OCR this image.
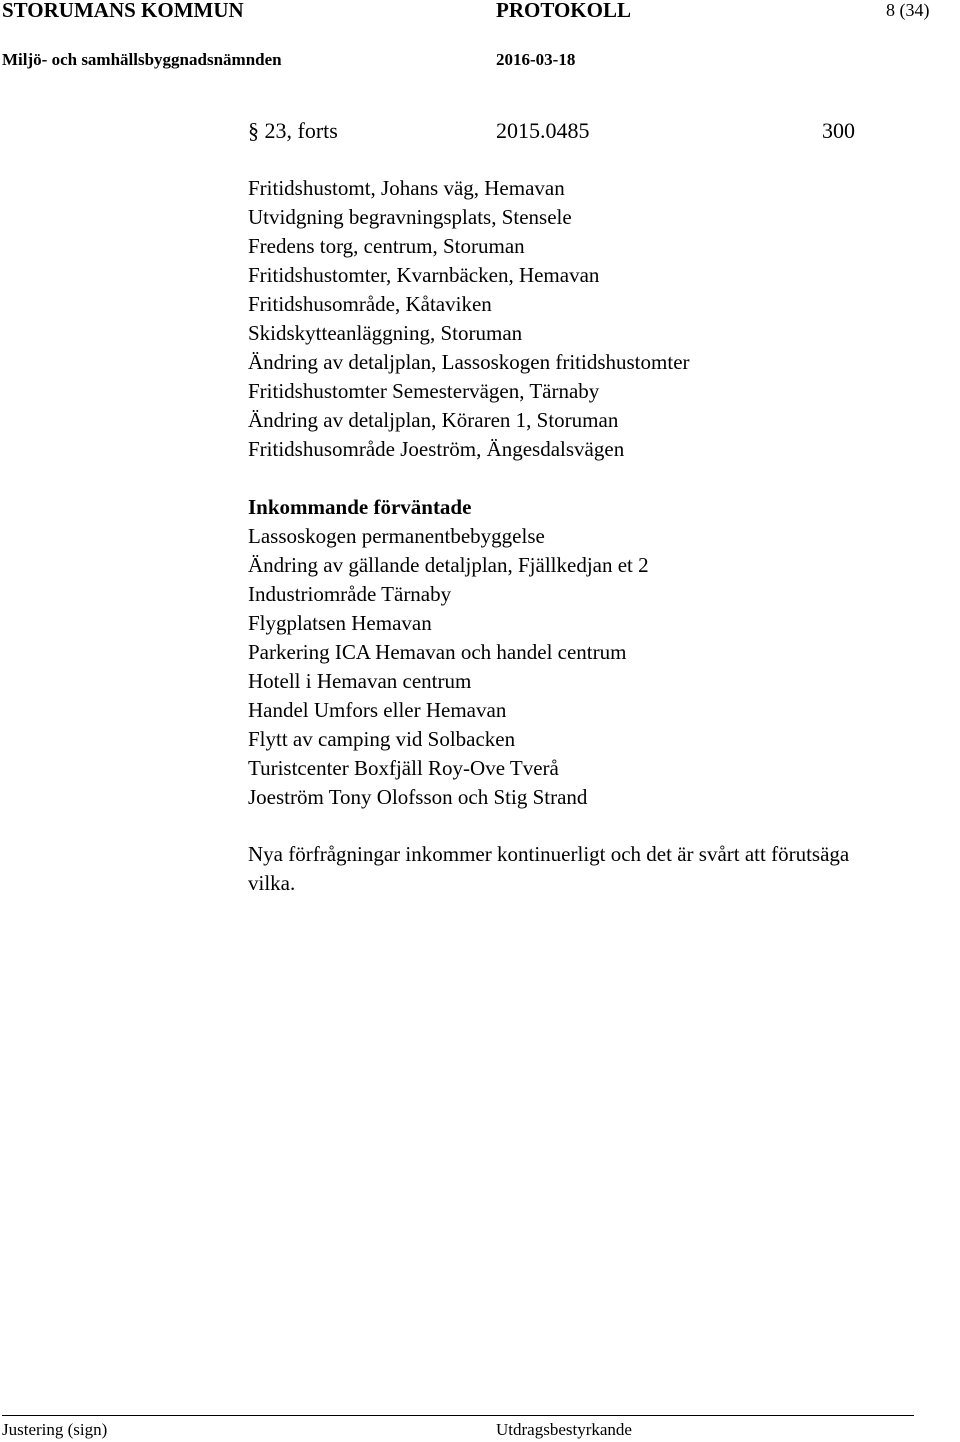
STORUMANS KOMMUN	PROTOKOLL	8 (34)
Miljö- och samhällsbyggnadsnämnden	2016-03-18
§ 23, forts	2015.0485	300
Fritidshustomt, Johans väg, Hemavan
Utvidgning begravningsplats, Stensele
Fredens torg, centrum, Storuman
Fritidshustomter, Kvarnbäcken, Hemavan
Fritidshusområde, Kåtaviken
Skidskytteanläggning, Storuman
Ändring av detaljplan, Lassoskogen fritidshustomter
Fritidshustomter Semestervägen, Tärnaby
Ändring av detaljplan, Köraren 1, Storuman
Fritidshusområde Joeström, Ängesdalsvägen
Inkommande förväntade
Lassoskogen permanentbebyggelse
Ändring av gällande detaljplan, Fjällkedjan et 2
Industriområde Tärnaby
Flygplatsen Hemavan
Parkering ICA Hemavan och handel centrum
Hotell i Hemavan centrum
Handel Umfors eller Hemavan
Flytt av camping vid Solbacken
Turistcenter Boxfjäll Roy-Ove Tverå
Joeström Tony Olofsson och Stig Strand

Nya förfrågningar inkommer kontinuerligt och det är svårt att förutsäga vilka.

Justering (sign)	Utdragsbestyrkande
